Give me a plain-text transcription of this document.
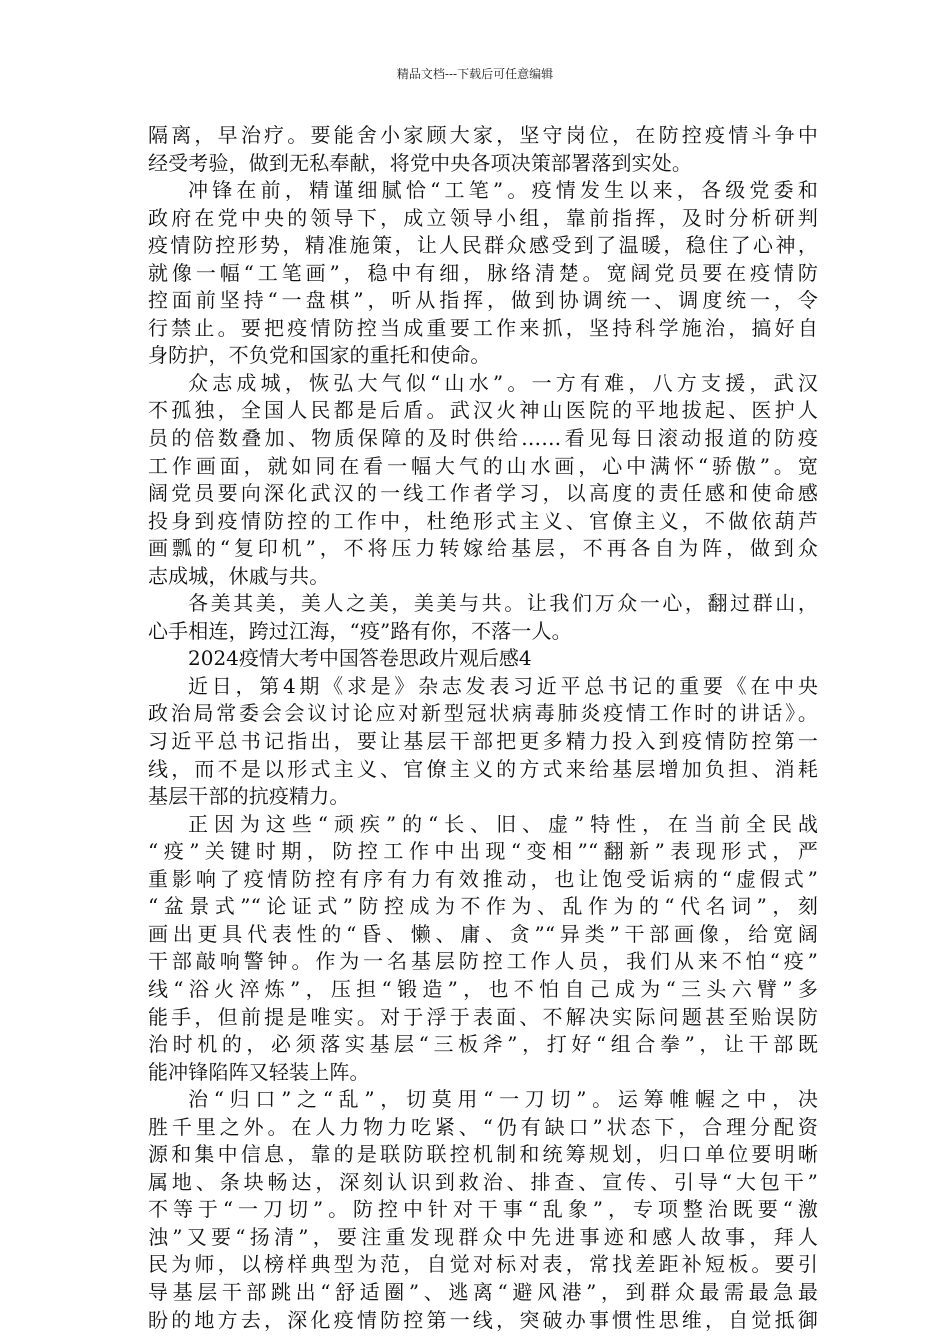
精品文档---下载后可任意编辑
隔离，早治疗。要能舍小家顾大家，坚守岗位，在防控疫情斗争中
经受考验，做到无私奉献，将党中央各项决策部署落到实处。
冲锋在前，精谨细腻恰“工笔”。疫情发生以来，各级党委和
政府在党中央的领导下，成立领导小组，靠前指挥，及时分析研判
疫情防控形势，精准施策，让人民群众感受到了温暖，稳住了心神，
就像一幅“工笔画”，稳中有细，脉络清楚。宽阔党员要在疫情防
控面前坚持“一盘棋”，听从指挥，做到协调统一、调度统一，令
行禁止。要把疫情防控当成重要工作来抓，坚持科学施治，搞好自
身防护，不负党和国家的重托和使命。
众志成城，恢弘大气似“山水”。一方有难，八方支援，武汉
不孤独，全国人民都是后盾。武汉火神山医院的平地拔起、医护人
员的倍数叠加、物质保障的及时供给……看见每日滚动报道的防疫
工作画面，就如同在看一幅大气的山水画，心中满怀“骄傲”。宽
阔党员要向深化武汉的一线工作者学习，以高度的责任感和使命感
投身到疫情防控的工作中，杜绝形式主义、官僚主义，不做依葫芦
画瓢的“复印机”，不将压力转嫁给基层，不再各自为阵，做到众
志成城，休戚与共。
各美其美，美人之美，美美与共。让我们万众一心，翻过群山，
心手相连，跨过江海，“疫”路有你，不落一人。
2024疫情大考中国答卷思政片观后感4
近日，第4期《求是》杂志发表习近平总书记的重要《在中央
政治局常委会会议讨论应对新型冠状病毒肺炎疫情工作时的讲话》。
习近平总书记指出，要让基层干部把更多精力投入到疫情防控第一
线，而不是以形式主义、官僚主义的方式来给基层增加负担、消耗
基层干部的抗疫精力。
正因为这些“顽疾”的“长、旧、虚”特性，在当前全民战
“疫”关键时期，防控工作中出现“变相”“翻新”表现形式，严
重影响了疫情防控有序有力有效推动，也让饱受诟病的“虚假式”
“盆景式”“论证式”防控成为不作为、乱作为的“代名词”，刻
画出更具代表性的“昏、懒、庸、贪”“异类”干部画像，给宽阔
干部敲响警钟。作为一名基层防控工作人员，我们从来不怕“疫”
线“浴火淬炼”，压担“锻造”，也不怕自己成为“三头六臂”多
能手，但前提是唯实。对于浮于表面、不解决实际问题甚至贻误防
治时机的，必须落实基层“三板斧”，打好“组合拳”，让干部既
能冲锋陷阵又轻装上阵。
治“归口”之“乱”，切莫用“一刀切”。运筹帷幄之中，决
胜千里之外。在人力物力吃紧、“仍有缺口”状态下，合理分配资
源和集中信息，靠的是联防联控机制和统筹规划，归口单位要明晰
属地、条块畅达，深刻认识到救治、排查、宣传、引导“大包干”
不等于“一刀切”。防控中针对干事“乱象”，专项整治既要“激
浊”又要“扬清”，要注重发现群众中先进事迹和感人故事，拜人
民为师，以榜样典型为范，自觉对标对表，常找差距补短板。要引
导基层干部跳出“舒适圈”、逃离“避风港”，到群众最需最急最
盼的地方去，深化疫情防控第一线，突破办事惯性思维，自觉抵御
